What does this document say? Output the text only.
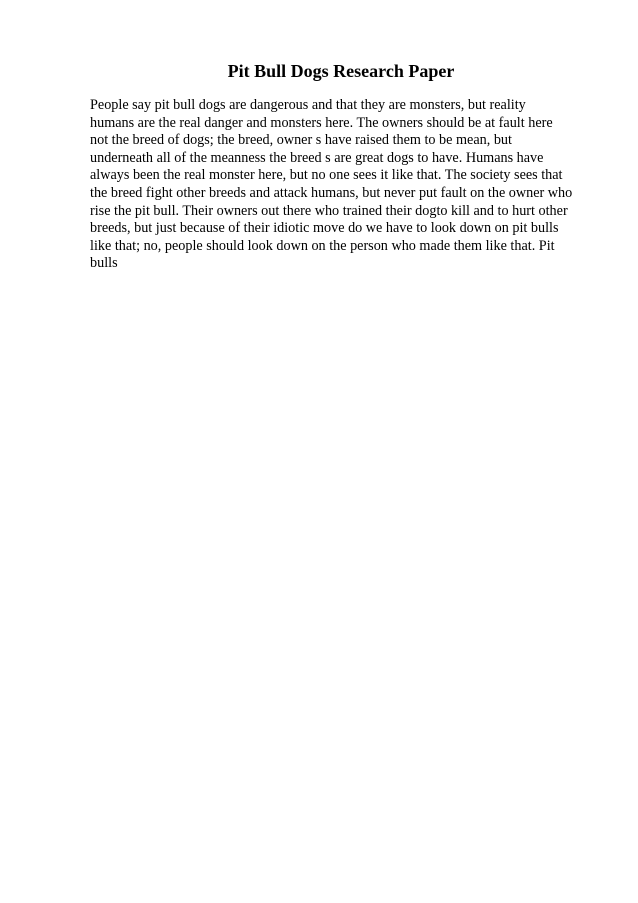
Pit Bull Dogs Research Paper

People say pit bull dogs are dangerous and that they are monsters, but reality
humans are the real danger and monsters here. The owners should be at fault here
not the breed of dogs; the breed, owner s have raised them to be mean, but
underneath all of the meanness the breed s are great dogs to have. Humans have
always been the real monster here, but no one sees it like that. The society sees that
the breed fight other breeds and attack humans, but never put fault on the owner who
rise the pit bull. Their owners out there who trained their dogto kill and to hurt other
breeds, but just because of their idiotic move do we have to look down on pit bulls
like that; no, people should look down on the person who made them like that. Pit
bulls
